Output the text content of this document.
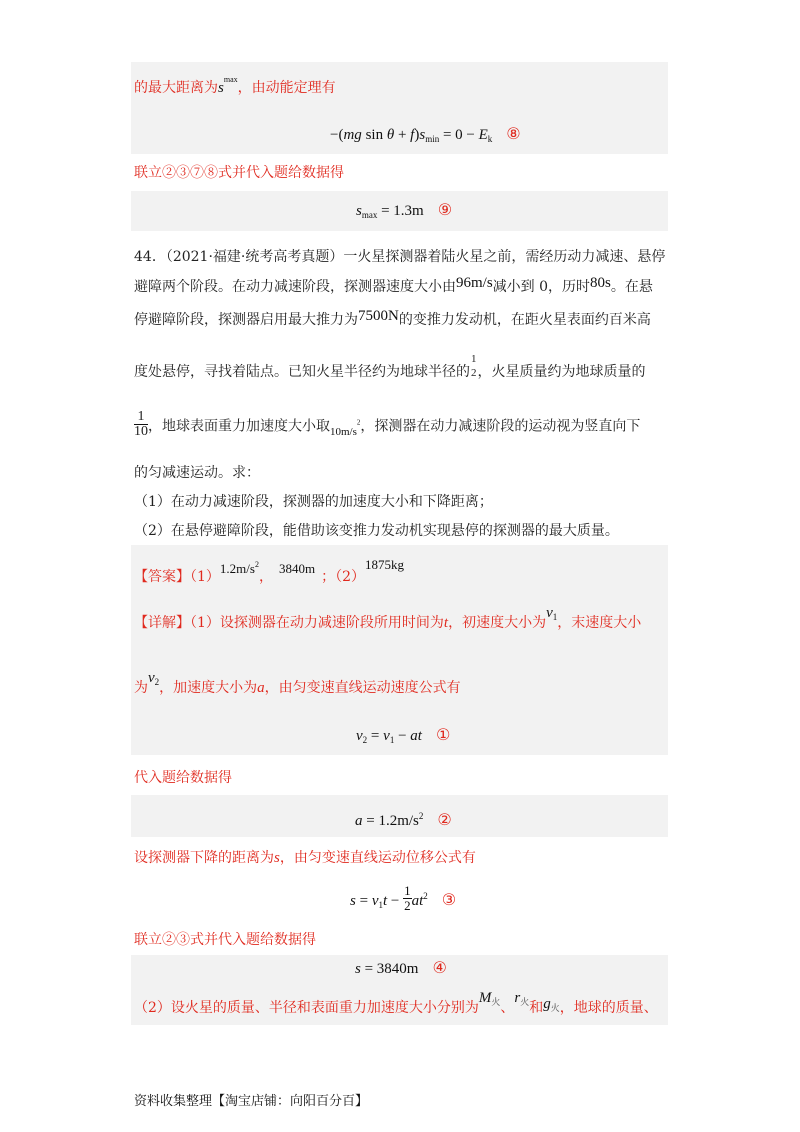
的最大距离为$s^{max}$，由动能定理有
−(mg $\sin \theta + f)s_{min} = 0 - E_k$ ⑧
联立②③⑦⑧式并代入题给数据得
$s_{max} = 1.3m$ ⑨
44．（2021·福建·统考高考真题）一火星探测器着陆火星之前，需经历动力减速、悬停
避障两个阶段。在动力减速阶段，探测器速度大小由96m/s减小到 0，历时80s。在悬
停避障阶段，探测器启用最大推力为7500N的变推力发动机，在距火星表面约百米高
度处悬停，寻找着陆点。已知火星半径约为地球半径的
1
2 ，火星质量约为地球质量的
$\frac{1}{10}$ ，地球表面重力加速度大小取$_{10m/s}^2$，探测器在动力减速阶段的运动视为竖直向下
的匀减速运动。求：
（1）在动力减速阶段，探测器的加速度大小和下降距离；
（2）在悬停避障阶段，能借助该变推力发动机实现悬停的探测器的最大质量。
【答案】$(1)1.2m/s^2$，3840m；（2）1875kg
【详解】（1）设探测器在动力减速阶段所用时间为t，初速度大小为$v^1$，末速度大小
为$v^2$，加速度大小为a，由匀变速直线运动速度公式有
$v_2 = v_1$ − at ①
代入题给数据得
$a = 1.2m/s^2$ ②
设探测器下降的距离为s，由匀变速直线运动位移公式有
$s = v_1t - \frac{1}{2} at^2$ ③
联立②③式并代入题给数据得
s = 3840m ④
（2）设火星的质量、半径和表面重力加速度大小分别为$M^火$、$r^火$和$g_火$，地球的质量、
资料收集整理【淘宝店铺：向阳百分百】
